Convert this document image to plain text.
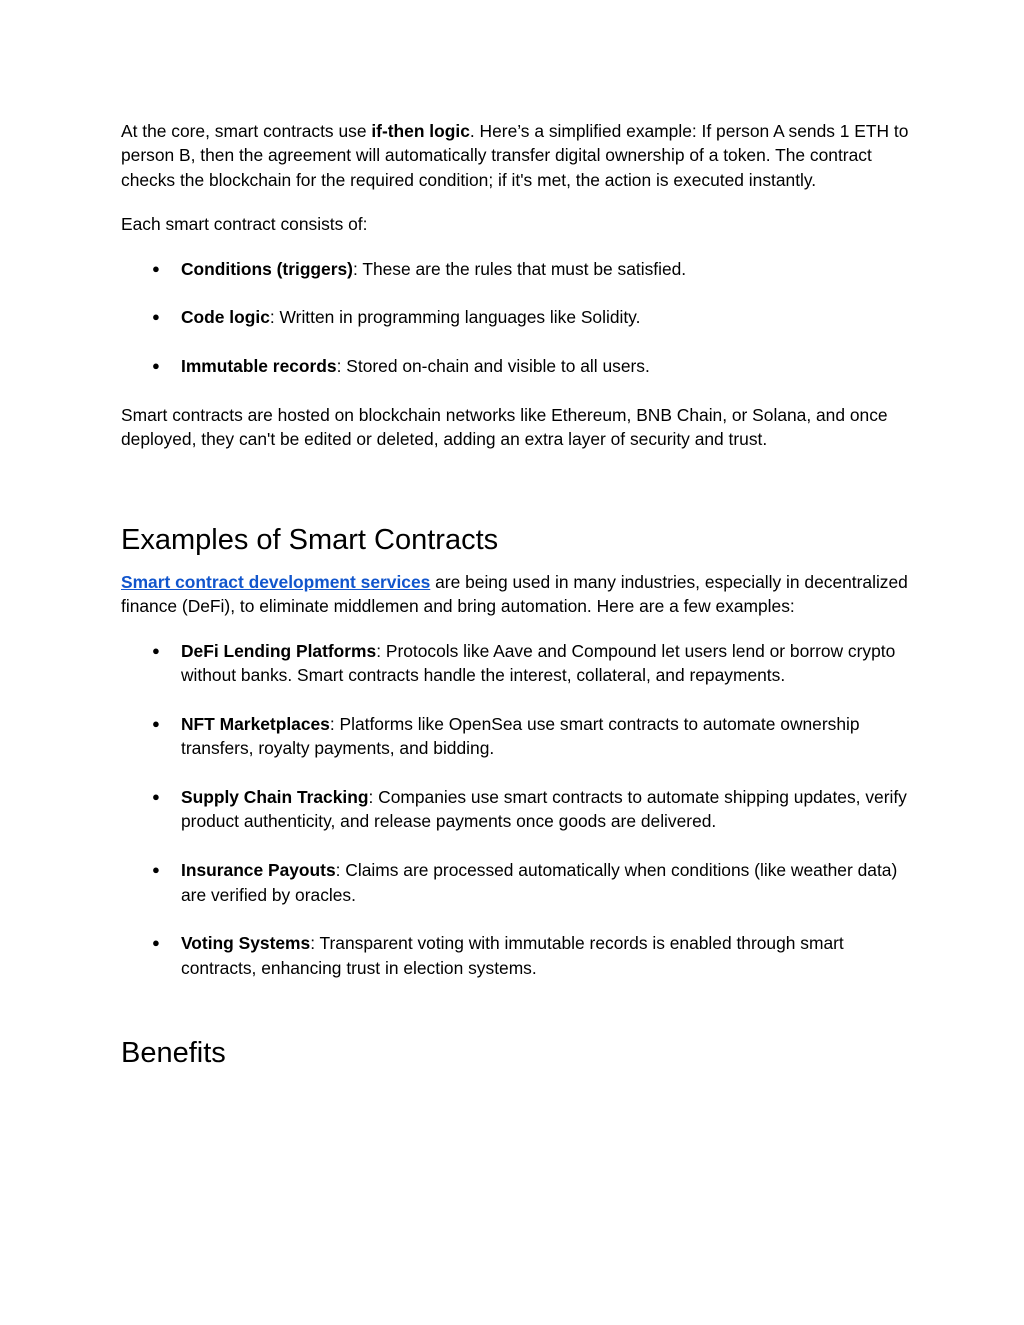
At the core, smart contracts use if-then logic. Here’s a simplified example: If person A sends 1 ETH to person B, then the agreement will automatically transfer digital ownership of a token. The contract checks the blockchain for the required condition; if it's met, the action is executed instantly.

Each smart contract consists of:

● Conditions (triggers): These are the rules that must be satisfied.
● Code logic: Written in programming languages like Solidity.
● Immutable records: Stored on-chain and visible to all users.

Smart contracts are hosted on blockchain networks like Ethereum, BNB Chain, or Solana, and once deployed, they can't be edited or deleted, adding an extra layer of security and trust.

Examples of Smart Contracts

Smart contract development services are being used in many industries, especially in decentralized finance (DeFi), to eliminate middlemen and bring automation. Here are a few examples:

● DeFi Lending Platforms: Protocols like Aave and Compound let users lend or borrow crypto without banks. Smart contracts handle the interest, collateral, and repayments.
● NFT Marketplaces: Platforms like OpenSea use smart contracts to automate ownership transfers, royalty payments, and bidding.
● Supply Chain Tracking: Companies use smart contracts to automate shipping updates, verify product authenticity, and release payments once goods are delivered.
● Insurance Payouts: Claims are processed automatically when conditions (like weather data) are verified by oracles.
● Voting Systems: Transparent voting with immutable records is enabled through smart contracts, enhancing trust in election systems.
Benefits
